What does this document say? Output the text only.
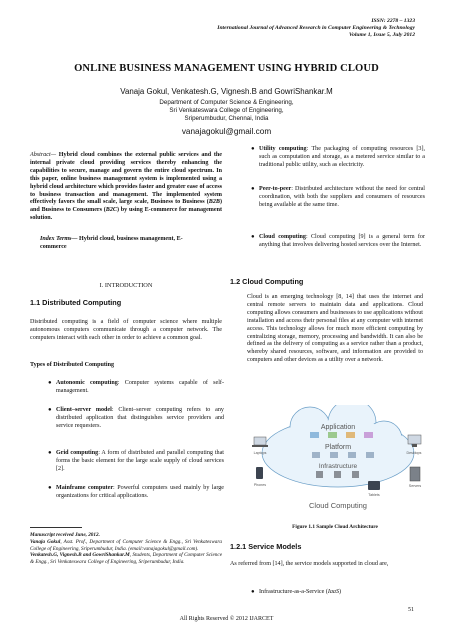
ISSN: 2278 – 1323
International Journal of Advanced Research in Computer Engineering & Technology
Volume 1, Issue 5, July 2012
ONLINE BUSINESS MANAGEMENT USING HYBRID CLOUD
Vanaja Gokul, Venkatesh.G, Vignesh.B and GowriShankar.M
Department of Computer Science & Engineering,
Sri Venkateswara College of Engineering,
Sriperumbudur, Chennai, India
vanajagokul@gmail.com
Abstract— Hybrid cloud combines the external public services and the internal private cloud providing services thereby enhancing the capabilities to secure, manage and govern the entire cloud spectrum. In this paper, online business management system is implemented using a hybrid cloud architecture which provides faster and greater ease of access to business transaction and management. The implemented system effectively favors the small scale, large scale, Business to Business (B2B) and Business to Consumers (B2C) by using E-commerce for management solution.
Index Terms— Hybrid cloud, business management, E-commerce
I. INTRODUCTION
1.1 Distributed Computing
Distributed computing is a field of computer science where multiple autonomous computers communicate through a computer network. The computers interact with each other in order to achieve a common goal.
Types of Distributed Computing
● Autonomic computing: Computer systems capable of self-management.
● Client–server model: Client–server computing refers to any distributed application that distinguishes service providers and service requesters.
● Grid computing: A form of distributed and parallel computing that forms the basic element for the large scale supply of cloud services [2].
● Mainframe computer: Powerful computers used mainly by large organizations for critical applications.
Manuscript received June, 2012.
Vanaja Gokul, Asst. Prof., Department of Computer Science & Engg., Sri Venkateswara College of Engineering, Sriperumbudur, India. (email:vanajagokul@gmail.com).
Venkatesh.G, Vignesh.B and GowriShankar.M, Students, Department of Computer Science & Engg., Sri Venkateswara College of Engineering, Sriperumbudur, India.
● Utility computing: The packaging of computing resources [3], such as computation and storage, as a metered service similar to a traditional public utility, such as electricity.
● Peer-to-peer: Distributed architecture without the need for central coordination, with both the suppliers and consumers of resources being available at the same time.
● Cloud computing: Cloud computing [9] is a general term for anything that involves delivering hosted services over the Internet.
1.2 Cloud Computing
Cloud is an emerging technology [8, 14] that uses the internet and central remote servers to maintain data and applications. Cloud computing allows consumers and businesses to use applications without installation and access their personal files at any computer with internet access. This technology allows for much more efficient computing by centralizing storage, memory, processing and bandwidth. It can also be defined as the delivery of computing as a service rather than a product, whereby shared resources, software, and information are provided to computers and other devices as a utility over a network.
Application
Platform
Infrastructure
Laptops	Desktops
Servers
Phones
Tablets
Cloud Computing
Figure 1.1 Sample Cloud Architecture
1.2.1 Service Models
As referred from [14], the service models supported in cloud are,
● Infrastructure-as-a-Service (IaaS)
51
All Rights Reserved © 2012 IJARCET
